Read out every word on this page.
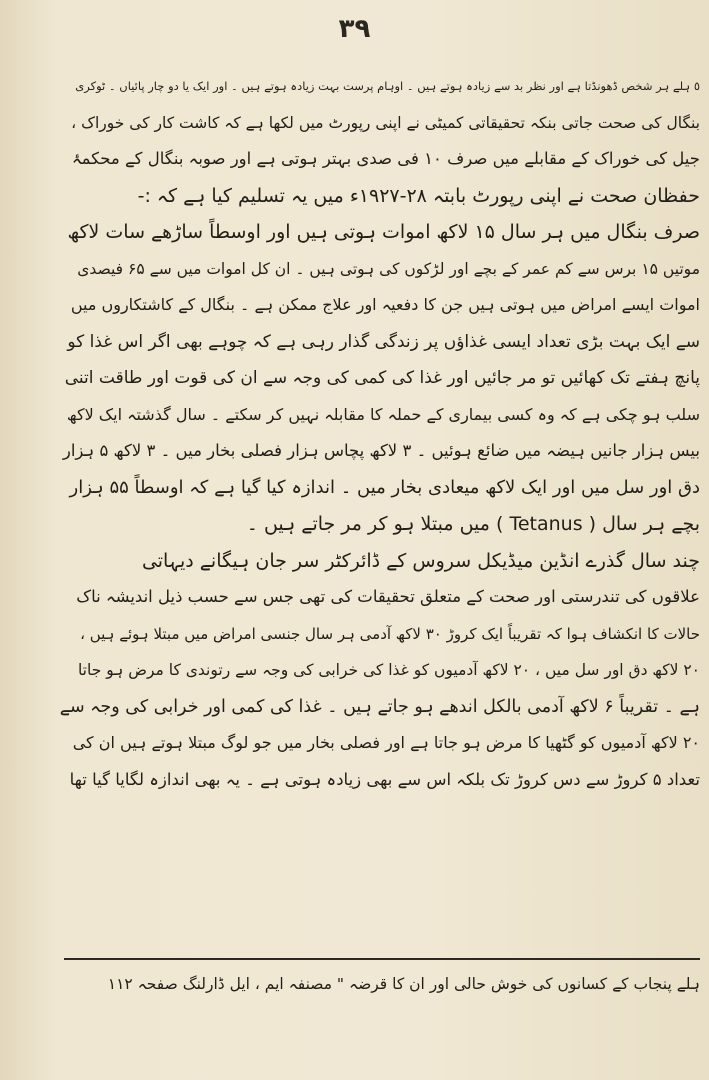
٣٩
٥ ہلے ہر شخص ڈھونڈتا ہے اور نظر بد سے زیادہ ہوتے ہیں ۔ اوہام پرست بہت زیادہ ہوتے ہیں ۔ اور ایک یا دو چار پائیاں ۔ ٹوکری
بنگال کی صحت جاتی بنکہ تحقیقاتی کمیٹی نے اپنی رپورٹ میں لکھا ہے کہ کاشت کار کی خوراک ،
جیل کی خوراک کے مقابلے میں صرف ۱۰ فی صدی بہتر ہوتی ہے اور صوبہ بنگال کے محکمۂ
حفظان صحت نے اپنی رپورٹ بابتہ ۲۸-۱۹۲۷ء میں یہ تسلیم کیا ہے کہ :-
صرف بنگال میں ہر سال ۱۵ لاکھ اموات ہوتی ہیں اور اوسطاً ساڑھے سات لاکھ
موتیں ۱۵ برس سے کم عمر کے بچے اور لڑکوں کی ہوتی ہیں ۔ ان کل اموات میں سے ۶۵ فیصدی
اموات ایسے امراض میں ہوتی ہیں جن کا دفعیہ اور علاج ممکن ہے ۔ بنگال کے کاشتکاروں میں
سے ایک بہت بڑی تعداد ایسی غذاؤں پر زندگی گذار رہی ہے کہ چوہے بھی اگر اس غذا کو
پانچ ہفتے تک کھائیں تو مر جائیں اور غذا کی کمی کی وجہ سے ان کی قوت اور طاقت اتنی
سلب ہو چکی ہے کہ وہ کسی بیماری کے حملہ کا مقابلہ نہیں کر سکتے ۔ سال گذشتہ ایک لاکھ
بیس ہزار جانیں ہیضہ میں ضائع ہوئیں ۔ ۳ لاکھ پچاس ہزار فصلی بخار میں ۔ ۳ لاکھ ۵ ہزار
دق اور سل میں اور ایک لاکھ میعادی بخار میں ۔ اندازہ کیا گیا ہے کہ اوسطاً ۵۵ ہزار
بچے ہر سال ( Tetanus ) میں مبتلا ہو کر مر جاتے ہیں ۔
چند سال گذرے انڈین میڈیکل سروس کے ڈائرکٹر سر جان ہیگانے دیہاتی
علاقوں کی تندرستی اور صحت کے متعلق تحقیقات کی تھی جس سے حسب ذیل اندیشہ ناک
حالات کا انکشاف ہوا کہ تقریباً ایک کروڑ ۳۰ لاکھ آدمی ہر سال جنسی امراض میں مبتلا ہوئے ہیں ،
۲۰ لاکھ دق اور سل میں ، ۲۰ لاکھ آدمیوں کو غذا کی خرابی کی وجہ سے رتوندی کا مرض ہو جاتا
ہے ۔ تقریباً ۶ لاکھ آدمی بالکل اندھے ہو جاتے ہیں ۔ غذا کی کمی اور خرابی کی وجہ سے
۲۰ لاکھ آدمیوں کو گٹھیا کا مرض ہو جاتا ہے اور فصلی بخار میں جو لوگ مبتلا ہوتے ہیں ان کی
تعداد ۵ کروڑ سے دس کروڑ تک بلکہ اس سے بھی زیادہ ہوتی ہے ۔ یہ بھی اندازہ لگایا گیا تھا
ہلے پنجاب کے کسانوں کی خوش حالی اور ان کا قرضہ " مصنفہ ایم ، ایل ڈارلنگ صفحہ ۱۱۲
